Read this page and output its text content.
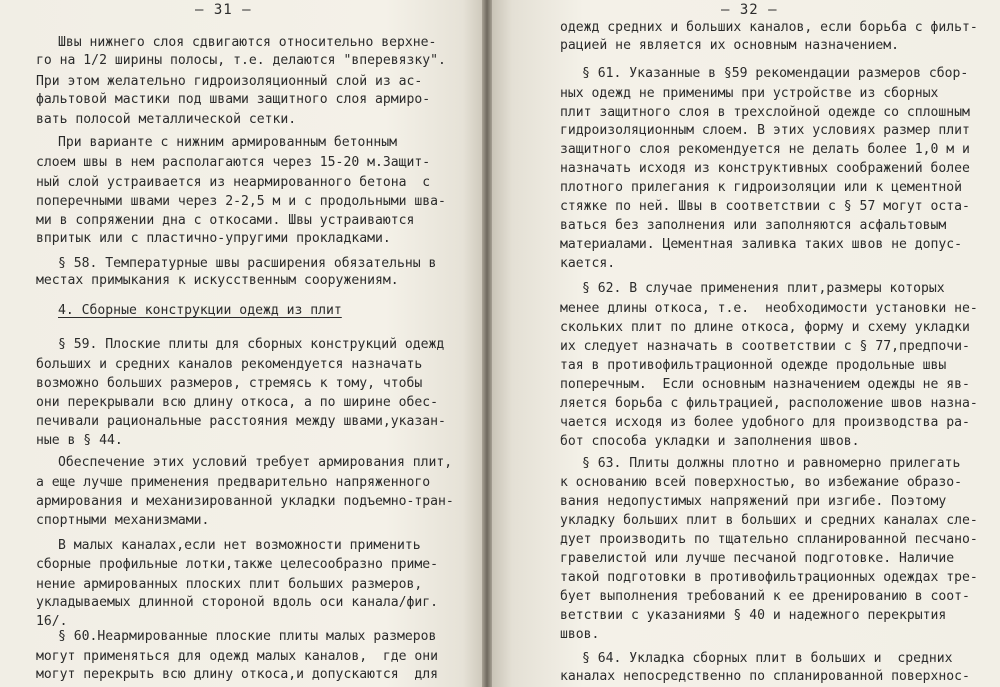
— 31 —
Швы нижнего слоя сдвигаются относительно верхне-
го на 1/2 ширины полосы, т.е. делаются "вперевязку".
При этом желательно гидроизоляционный слой из ас-
фальтовой мастики под швами защитного слоя армиро-
вать полосой металлической сетки.
При варианте с нижним армированным бетонным
слоем швы в нем располагаются через 15-20 м.Защит-
ный слой устраивается из неармированного бетона  с
поперечными швами через 2-2,5 м и с продольными шва-
ми в сопряжении дна с откосами. Швы устраиваются
впритык или с пластично-упругими прокладками.
§ 58. Температурные швы расширения обязательны в
местах примыкания к искусственным сооружениям.
4. Сборные конструкции одежд из плит
§ 59. Плоские плиты для сборных конструкций одежд
больших и средних каналов рекомендуется назначать
возможно больших размеров, стремясь к тому, чтобы
они перекрывали всю длину откоса, а по ширине обес-
печивали рациональные расстояния между швами,указан-
ные в § 44.
Обеспечение этих условий требует армирования плит,
а еще лучше применения предварительно напряженного
армирования и механизированной укладки подъемно-тран-
спортными механизмами.
В малых каналах,если нет возможности применить
сборные профильные лотки,также целесообразно приме-
нение армированных плоских плит больших размеров,
укладываемых длинной стороной вдоль оси канала/фиг.
16/.
§ 60.Неармированные плоские плиты малых размеров
могут применяться для одежд малых каналов,  где они
могут перекрыть всю длину откоса,и допускаются  для
— 32 —
одежд средних и больших каналов, если борьба с фильт-
рацией не является их основным назначением.
§ 61. Указанные в §59 рекомендации размеров сбор-
ных одежд не применимы при устройстве из сборных
плит защитного слоя в трехслойной одежде со сплошным
гидроизоляционным слоем. В этих условиях размер плит
защитного слоя рекомендуется не делать более 1,0 м и
назначать исходя из конструктивных соображений более
плотного прилегания к гидроизоляции или к цементной
стяжке по ней. Швы в соответствии с § 57 могут оста-
ваться без заполнения или заполняются асфальтовым
материалами. Цементная заливка таких швов не допус-
кается.
§ 62. В случае применения плит,размеры которых
менее длины откоса, т.е.  необходимости установки не-
скольких плит по длине откоса, форму и схему укладки
их следует назначать в соответствии с § 77,предпочи-
тая в противофильтрационной одежде продольные швы
поперечным.  Если основным назначением одежды не яв-
ляется борьба с фильтрацией, расположение швов назна-
чается исходя из более удобного для производства ра-
бот способа укладки и заполнения швов.
§ 63. Плиты должны плотно и равномерно прилегать
к основанию всей поверхностью, во избежание образо-
вания недопустимых напряжений при изгибе. Поэтому
укладку больших плит в больших и средних каналах сле-
дует производить по тщательно спланированной песчано-
гравелистой или лучше песчаной подготовке. Наличие
такой подготовки в противофильтрационных одеждах тре-
бует выполнения требований к ее дренированию в соот-
ветствии с указаниями § 40 и надежного перекрытия
швов.
§ 64. Укладка сборных плит в больших и  средних
каналах непосредственно по спланированной поверхнос-
